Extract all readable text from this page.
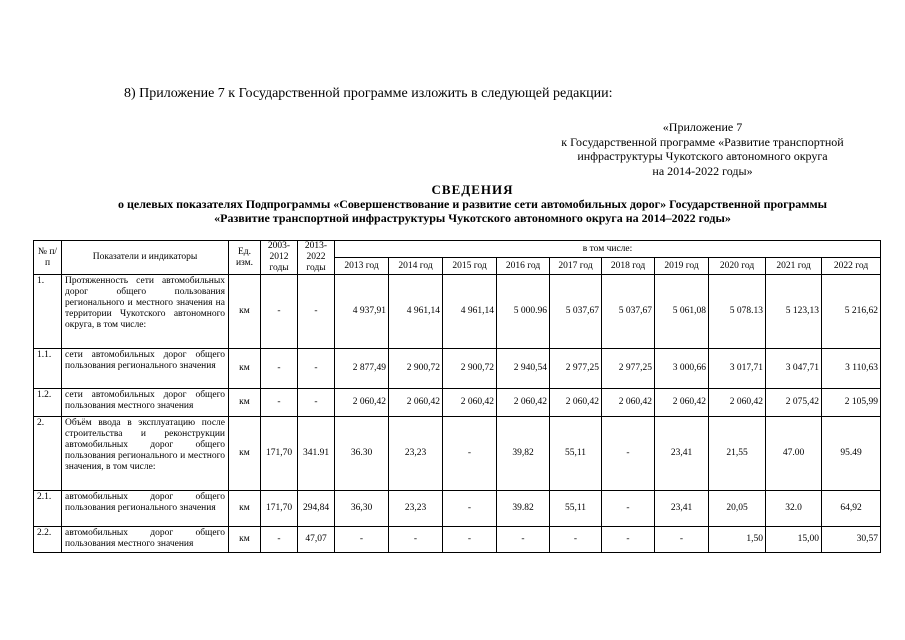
8) Приложение 7 к Государственной программе изложить в следующей редакции:
«Приложение 7
к Государственной программе «Развитие транспортной
инфраструктуры Чукотского автономного округа
на 2014-2022 годы»
СВЕДЕНИЯ
о целевых показателях Подпрограммы «Совершенствование и развитие сети автомобильных дорог» Государственной программы
«Развитие транспортной инфраструктуры Чукотского автономного округа на 2014–2022 годы»
№ п/п	Показатели и индикаторы	Ед. изм.	2003-2012 годы	2013-2022 годы	в том числе:									
					2013 год	2014 год	2015 год	2016 год	2017 год	2018 год	2019 год	2020 год	2021 год	2022 год
1.	Протяженность сети автомобильных дорог общего пользования регионального и местного значения на территории Чукотского автономного округа, в том числе:	км	-	-	4 937,91	4 961,14	4 961,14	5 000.96	5 037,67	5 037,67	5 061,08	5 078.13	5 123,13	5 216,62
1.1.	сети автомобильных дорог общего пользования регионального значения	км	-	-	2 877,49	2 900,72	2 900,72	2 940,54	2 977,25	2 977,25	3 000,66	3 017,71	3 047,71	3 110,63
1.2.	сети автомобильных дорог общего пользования местного значения	км	-	-	2 060,42	2 060,42	2 060,42	2 060,42	2 060,42	2 060,42	2 060,42	2 060,42	2 075,42	2 105,99
2.	Объём ввода в эксплуатацию после строительства и реконструкции автомобильных дорог общего пользования регионального и местного значения, в том числе:	км	171,70	341.91	36.30	23,23	-	39,82	55,11	-	23,41	21,55	47.00	95.49
2.1.	автомобильных дорог общего пользования регионального значения	км	171,70	294,84	36,30	23,23	-	39.82	55,11	-	23,41	20,05	32.0	64,92
2.2.	автомобильных дорог общего пользования местного значения	км	-	47,07	-	-	-	-	-	-	-	1,50	15,00	30,57
